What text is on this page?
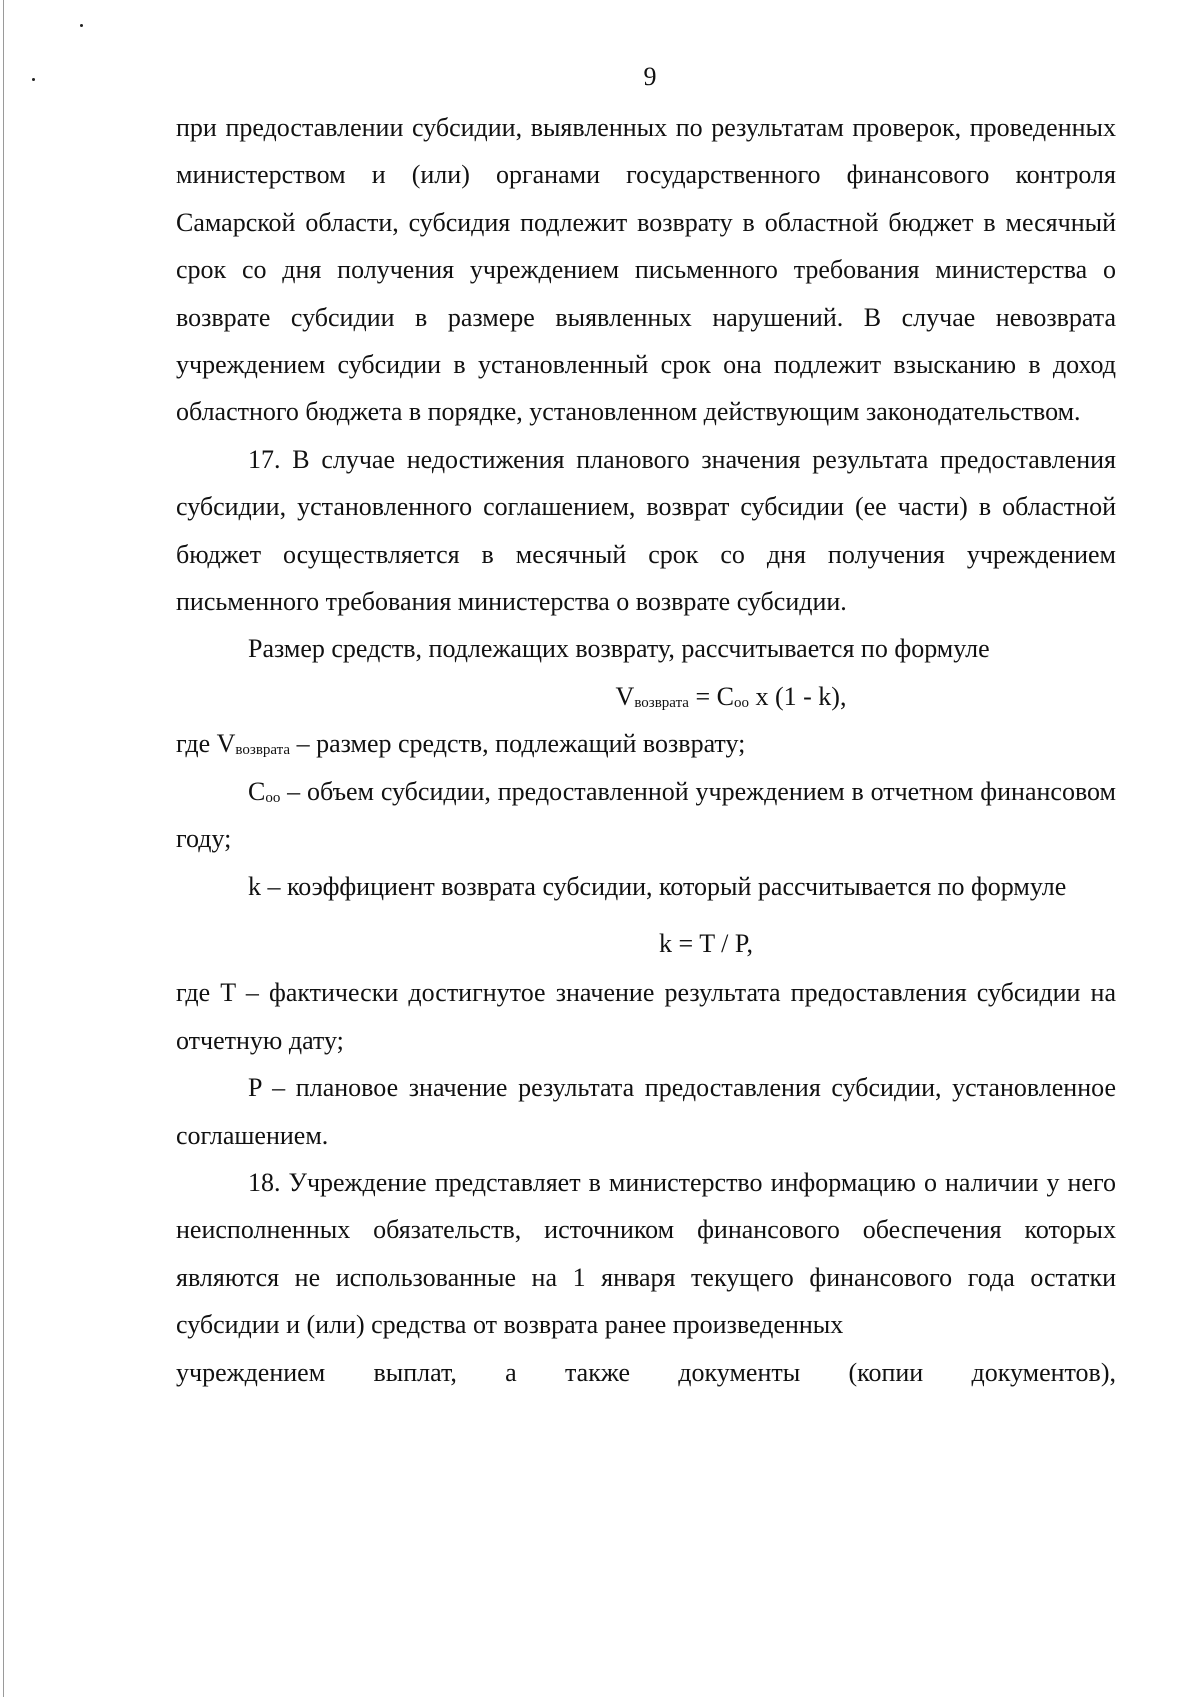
9

при предоставлении субсидии, выявленных по результатам проверок, проведенных министерством и (или) органами государственного финансового контроля Самарской области, субсидия подлежит возврату в областной бюджет в месячный срок со дня получения учреждением письменного требования министерства о возврате субсидии в размере выявленных нарушений. В случае невозврата учреждением субсидии в установленный срок она подлежит взысканию в доход областного бюджета в порядке, установленном действующим законодательством.

17. В случае недостижения планового значения результата предоставления субсидии, установленного соглашением, возврат субсидии (ее части) в областной бюджет осуществляется в месячный срок со дня получения учреждением письменного требования министерства о возврате субсидии.

Размер средств, подлежащих возврату, рассчитывается по формуле

$V_{возврата} = C_{оо}$ x (1 - k),

где $V_{возврата}$ – размер средств, подлежащий возврату;

$C_{оо}$ – объем субсидии, предоставленной учреждением в отчетном финансовом году;

k – коэффициент возврата субсидии, который рассчитывается по формуле

k = T / P,

где T – фактически достигнутое значение результата предоставления субсидии на отчетную дату;

P – плановое значение результата предоставления субсидии, установленное соглашением.

18. Учреждение представляет в министерство информацию о наличии у него неисполненных обязательств, источником финансового обеспечения которых являются не использованные на 1 января текущего финансового года остатки субсидии и (или) средства от возврата ранее произведенных

учреждением выплат, а также документы (копии документов),
